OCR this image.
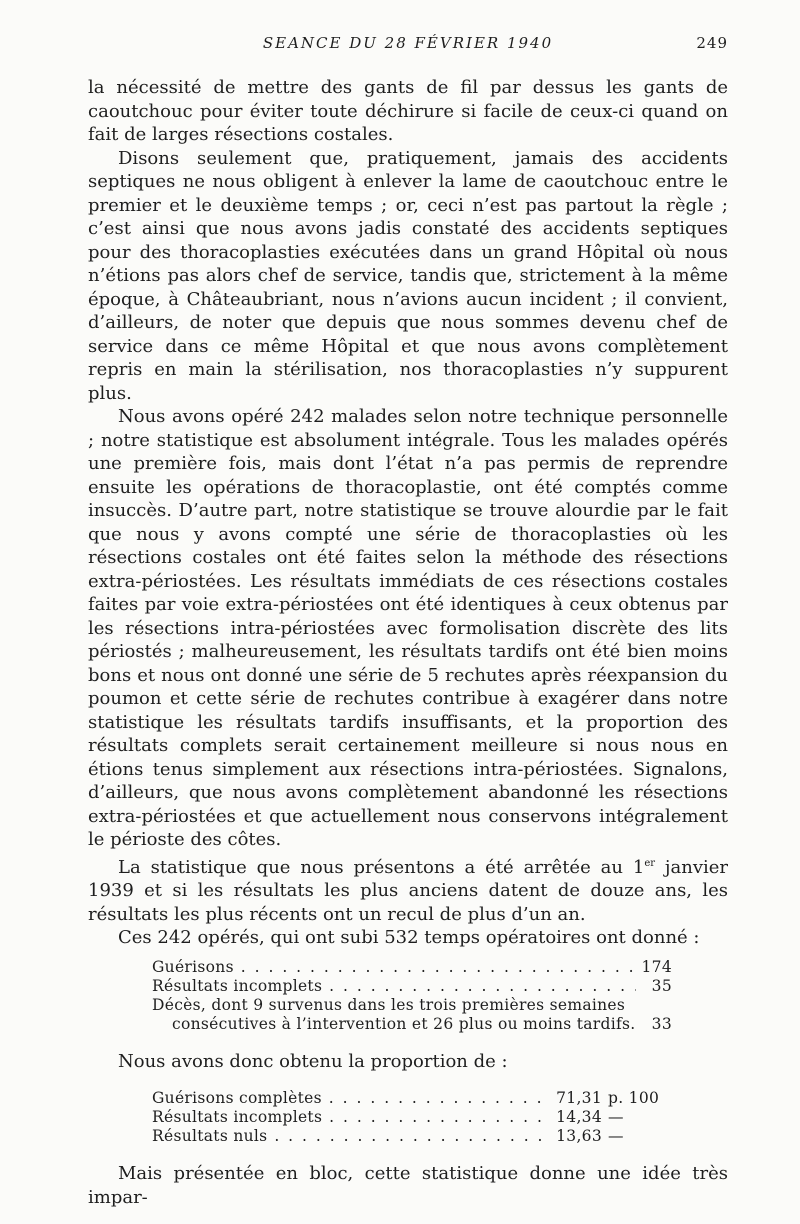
SEANCE DU 28 FÉVRIER 1940	249

la nécessité de mettre des gants de fil par dessus les gants de caoutchouc pour éviter toute déchirure si facile de ceux-ci quand on fait de larges résections costales.

Disons seulement que, pratiquement, jamais des accidents septiques ne nous obligent à enlever la lame de caoutchouc entre le premier et le deuxième temps ; or, ceci n’est pas partout la règle ; c’est ainsi que nous avons jadis constaté des accidents septiques pour des thoracoplasties exécutées dans un grand Hôpital où nous n’étions pas alors chef de service, tandis que, strictement à la même époque, à Châteaubriant, nous n’avions aucun incident ; il convient, d’ailleurs, de noter que depuis que nous sommes devenu chef de service dans ce même Hôpital et que nous avons complètement repris en main la stérilisation, nos thoracoplasties n’y suppurent plus.

Nous avons opéré 242 malades selon notre technique personnelle ; notre statistique est absolument intégrale. Tous les malades opérés une première fois, mais dont l’état n’a pas permis de reprendre ensuite les opérations de thoracoplastie, ont été comptés comme insuccès. D’autre part, notre statistique se trouve alourdie par le fait que nous y avons compté une série de thoracoplasties où les résections costales ont été faites selon la méthode des résections extra-périostées. Les résultats immédiats de ces résections costales faites par voie extra-périostées ont été identiques à ceux obtenus par les résections intra-périostées avec formolisation discrète des lits périostés ; malheureusement, les résultats tardifs ont été bien moins bons et nous ont donné une série de 5 rechutes après réexpansion du poumon et cette série de rechutes contribue à exagérer dans notre statistique les résultats tardifs insuffisants, et la proportion des résultats complets serait certainement meilleure si nous nous en étions tenus simplement aux résections intra-périostées. Signalons, d’ailleurs, que nous avons complètement abandonné les résections extra-périostées et que actuellement nous conservons intégralement le périoste des côtes.

La statistique que nous présentons a été arrêtée au 1er janvier 1939 et si les résultats les plus anciens datent de douze ans, les résultats les plus récents ont un recul de plus d’un an.

Ces 242 opérés, qui ont subi 532 temps opératoires ont donné :

Guérisons . . .	174
Résultats incomplets . . .	35
Décès, dont 9 survenus dans les trois premières semaines
consécutives à l’intervention et 26 plus ou moins tardifs.	33

Nous avons donc obtenu la proportion de :

Guérisons complètes . . .	71,31 p. 100
Résultats incomplets . . .	14,34 —
Résultats nuls . . .	13,63 —

Mais présentée en bloc, cette statistique donne une idée très impar-
